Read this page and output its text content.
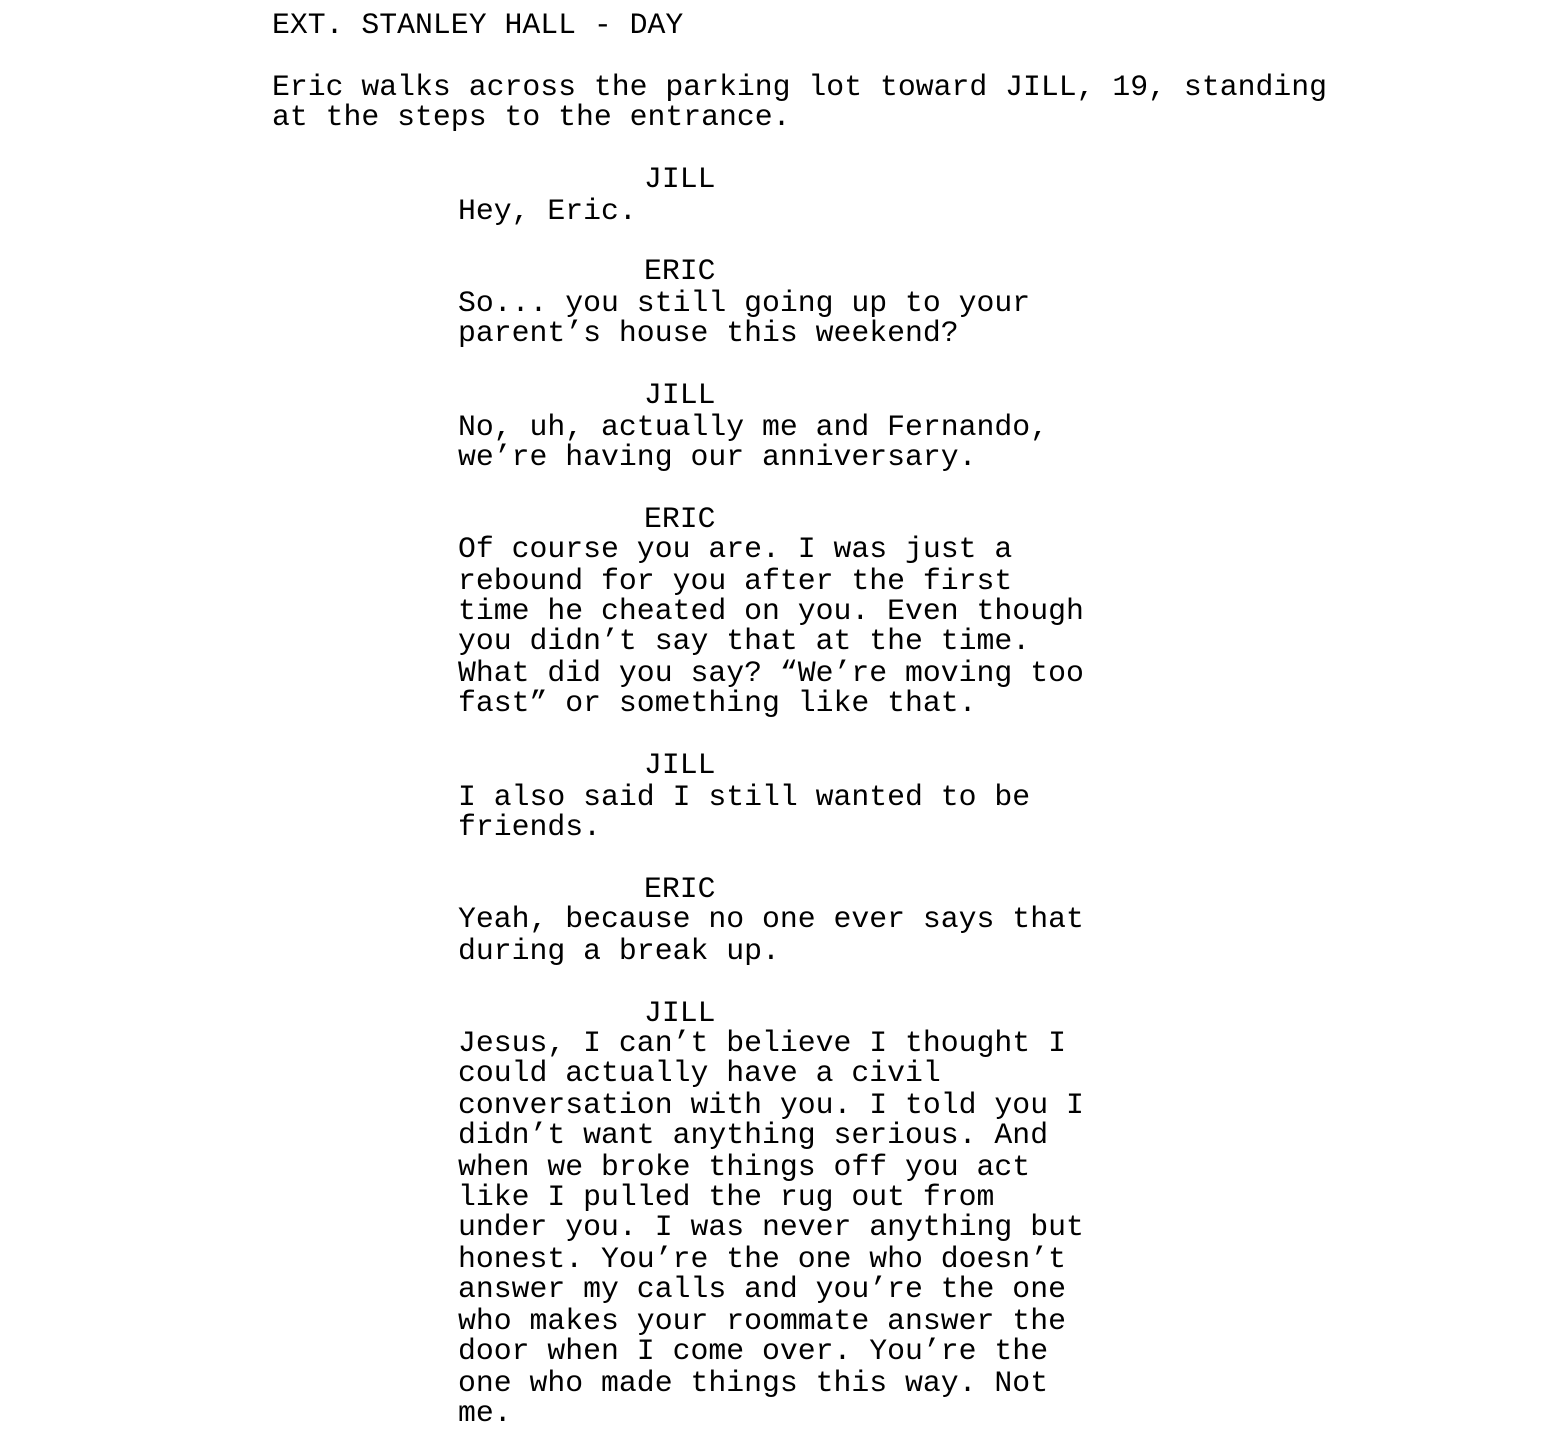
EXT. STANLEY HALL - DAY
Eric walks across the parking lot toward JILL, 19, standing
at the steps to the entrance.
JILL
Hey, Eric.
ERIC
So... you still going up to your
parent’s house this weekend?
JILL
No, uh, actually me and Fernando,
we’re having our anniversary.
ERIC
Of course you are. I was just a
rebound for you after the first
time he cheated on you. Even though
you didn’t say that at the time.
What did you say? “We’re moving too
fast” or something like that.
JILL
I also said I still wanted to be
friends.
ERIC
Yeah, because no one ever says that
during a break up.
JILL
Jesus, I can’t believe I thought I
could actually have a civil
conversation with you. I told you I
didn’t want anything serious. And
when we broke things off you act
like I pulled the rug out from
under you. I was never anything but
honest. You’re the one who doesn’t
answer my calls and you’re the one
who makes your roommate answer the
door when I come over. You’re the
one who made things this way. Not
me.
